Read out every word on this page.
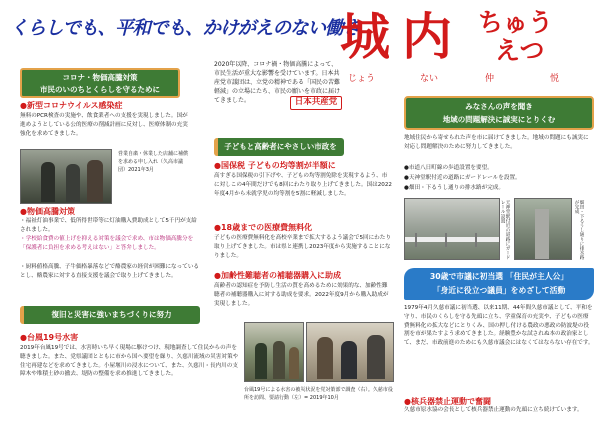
くらしでも、平和でも、かけがえのない働き
城 内 ちゅう
えつ
じょう	ない	仲	悦
日本共産党
コロナ・物価高騰対策
市民のいのちとくらしを守るために
2020年以降、コロナ禍・物価高騰によって、市民生活が重大な影響を受けています。日本共産党市議団は、立党の精神である「国民の苦難軽減」の立場にたち、市民の願いを市政に届けてきました。
●新型コロナウイルス感染症
無料のPCR検査の実施や、飲食業者への支援を実現しました。国が進めようとしている公的医療の削減計画に反対し、医療体制の充実強化を求めてきました。
営業自粛・休業した店舗に補償を求める申し入れ（久高市議団）2021年3月
●物価高騰対策
・福祉灯油事業で、低所得世帯等に灯油購入費助成として5千円が支給されました。
・学校給食費の値上げを抑える対策を議会で求め、市は物価高騰分を「保護者に負担を求める考えはない」と答弁しました。
・厨料値格高騰、子牛価格暴落などで酪農家の経営が困難になっているとし、酪農家に対する直接支援を議会で取り上げてきました。
子どもと高齢者にやさしい市政を
●国保税 子どもの均等割が半額に
高すぎる国保税の引下げや、子どもの均等割免除を実現するよう、市に対しこの4年間だけでも8回にわたり取り上げてきました。国は2022年度4月から未就学児の均等割を5割に軽減しました。
●18歳までの医療費無料化
子どもの医療費無料化を高校卒業まで拡大するよう議会で5回にわたり取り上げてきました。市は県と連携し2023年度から実施することになりました。
●加齢性難聴者の補聴器購入に助成
高齢者の認知症を予防し生活の質を高めるために効果的な、加齢性難聴者の補聴器購入に対する助成を要求。2022年度9月から購入助成が実現しました。
復旧と災害に強いまちづくりに努力
●台風19号水害
2019年台風19号では、水害時いち早く現場に駆けつけ、現地調査して住民からの声を聴きました。また、党県議団とともに市から国へ要望を繰り、久慈川流域の災害対策や住宅再建などを求めてきました。小屋堰川の浸水について、また、久慈川・長内川の支障木や堆積土砂の撤去、堤防の整備を求め推進してきました。
台風19号による水害の被災状況を党対策部で調査（右）。久慈市役所を訪問、要請行動（左）= 2019年10月
みなさんの声を聞き
地域の問題解決に誠実にとりくむ
地域住民から寄せられた声を市に届けてきました。地域の問題にも誠実に対応し問題解決のために努力してきました。
●市道八日町線の歩道設置を要望。
●天神堂駅付近の道路にガードレールを設置。
●畑田・下るうし通りの排水路が完成。
天神堂駅付近の道路にガードレール設置	畑田・下るうし通りに排水路が完成
30歳で市議に初当選 「住民が主人公」
「身近に役立つ議員」をめざして活動
1979年4月久慈市議に初当選、以来11期、44年間久慈市議として、平和を守り、市民のくらしを守る先頭に立ち、学童保育の充実や、子どもの医療費無料化の拡大などにとりくみ、国の押し付ける農政の悪政の防波堤の役割を市が果たすよう求めてきました。経験豊かな試されぬ本の政治家として、まだ、市政前進のためにも久慈市議会にはなくてはならない存在です。
●核兵器禁止運動で奮闘
久慈市原水協の会長として核兵器禁止運動の先頭に立ち続けています。
